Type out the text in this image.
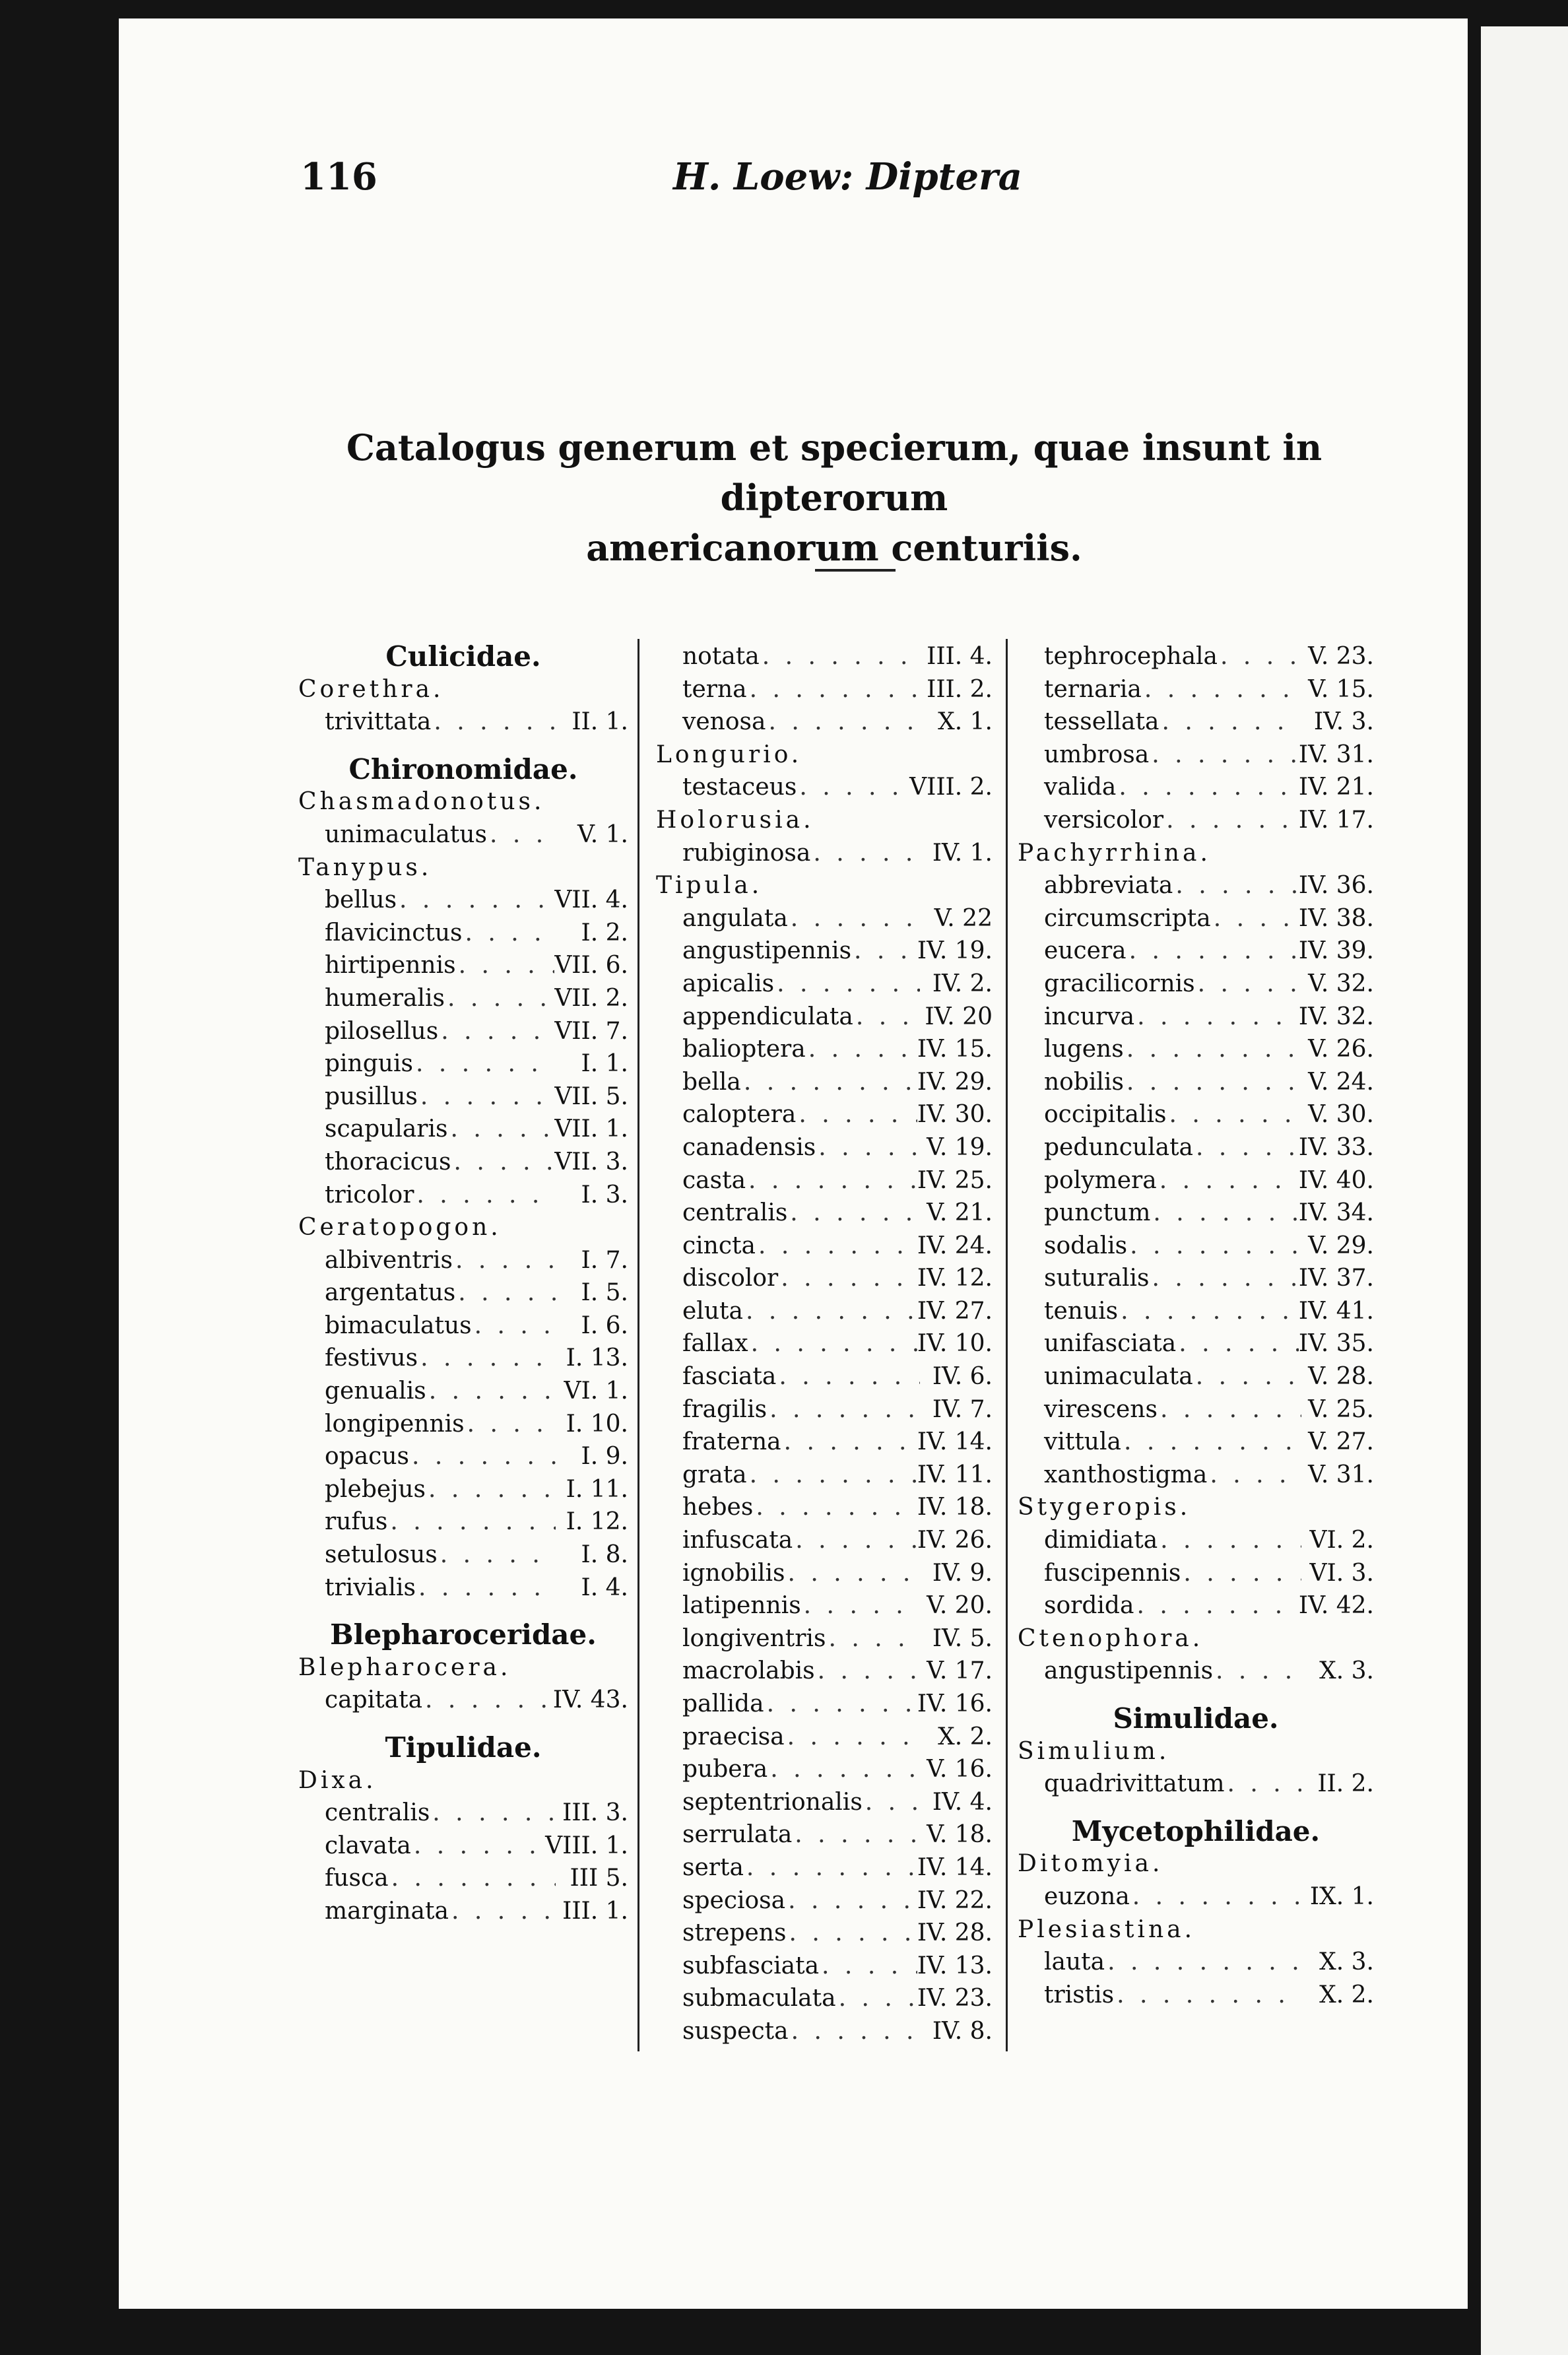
116	H. Loew: Diptera
Catalogus generum et specierum, quae insunt in dipterorum
americanorum centuriis.
Culicidae.
Corethra.
trivittata . . .	II. 1.
Chironomidae.
Chasmadonotus.
unimaculatus . . .	V. 1.
Tanypus.
bellus . . .	VII. 4.
flavicinctus . . .	I. 2.
hirtipennis . . .	VII. 6.
humeralis . . .	VII. 2.
pilosellus . . .	VII. 7.
pinguis . . .	I. 1.
pusillus . . .	VII. 5.
scapularis . . .	VII. 1.
thoracicus . . .	VII. 3.
tricolor . . .	I. 3.
Ceratopogon.
albiventris . . .	I. 7.
argentatus . . .	I. 5.
bimaculatus . . .	I. 6.
festivus . . .	I. 13.
genualis . . .	VI. 1.
longipennis . . .	I. 10.
opacus . . .	I. 9.
plebejus . . .	I. 11.
rufus . . .	I. 12.
setulosus . . .	I. 8.
trivialis . . .	I. 4.
Blepharoceridae.
Blepharocera.
capitata . . .	IV. 43.
Tipulidae.
Dixa.
centralis . . .	III. 3.
clavata . . .	VIII. 1.
fusca . . .	III 5.
marginata . . .	III. 1.
notata . . .	III. 4.
terna . . .	III. 2.
venosa . . .	X. 1.
Longurio.
testaceus . . .	VIII. 2.
Holorusia.
rubiginosa . . .	IV. 1.
Tipula.
angulata . . .	V. 22
angustipennis . . .	IV. 19.
apicalis . . .	IV. 2.
appendiculata . . .	IV. 20
balioptera . . .	IV. 15.
bella . . .	IV. 29.
caloptera . . .	IV. 30.
canadensis . . .	V. 19.
casta . . .	IV. 25.
centralis . . .	V. 21.
cincta . . .	IV. 24.
discolor . . .	IV. 12.
eluta . . .	IV. 27.
fallax . . .	IV. 10.
fasciata . . .	IV. 6.
fragilis . . .	IV. 7.
fraterna . . .	IV. 14.
grata . . .	IV. 11.
hebes . . .	IV. 18.
infuscata . . .	IV. 26.
ignobilis . . .	IV. 9.
latipennis . . .	V. 20.
longiventris . . .	IV. 5.
macrolabis . . .	V. 17.
pallida . . .	IV. 16.
praecisa . . .	X. 2.
pubera . . .	V. 16.
septentrionalis . . .	IV. 4.
serrulata . . .	V. 18.
serta . . .	IV. 14.
speciosa . . .	IV. 22.
strepens . . .	IV. 28.
subfasciata . . .	IV. 13.
submaculata . . .	IV. 23.
suspecta . . .	IV. 8.
tephrocephala . . .	V. 23.
ternaria . . .	V. 15.
tessellata . . .	IV. 3.
umbrosa . . .	IV. 31.
valida . . .	IV. 21.
versicolor . . .	IV. 17.
Pachyrrhina.
abbreviata . . .	IV. 36.
circumscripta . . .	IV. 38.
eucera . . .	IV. 39.
gracilicornis . . .	V. 32.
incurva . . .	IV. 32.
lugens . . .	V. 26.
nobilis . . .	V. 24.
occipitalis . . .	V. 30.
pedunculata . . .	IV. 33.
polymera . . .	IV. 40.
punctum . . .	IV. 34.
sodalis . . .	V. 29.
suturalis . . .	IV. 37.
tenuis . . .	IV. 41.
unifasciata . . .	IV. 35.
unimaculata . . .	V. 28.
virescens . . .	V. 25.
vittula . . .	V. 27.
xanthostigma . . .	V. 31.
Stygeropis.
dimidiata . . .	VI. 2.
fuscipennis . . .	VI. 3.
sordida . . .	IV. 42.
Ctenophora.
angustipennis . . .	X. 3.
Simulidae.
Simulium.
quadrivittatum . . .	II. 2.
Mycetophilidae.
Ditomyia.
euzona . . .	IX. 1.
Plesiastina.
lauta . . .	X. 3.
tristis . . .	X. 2.
